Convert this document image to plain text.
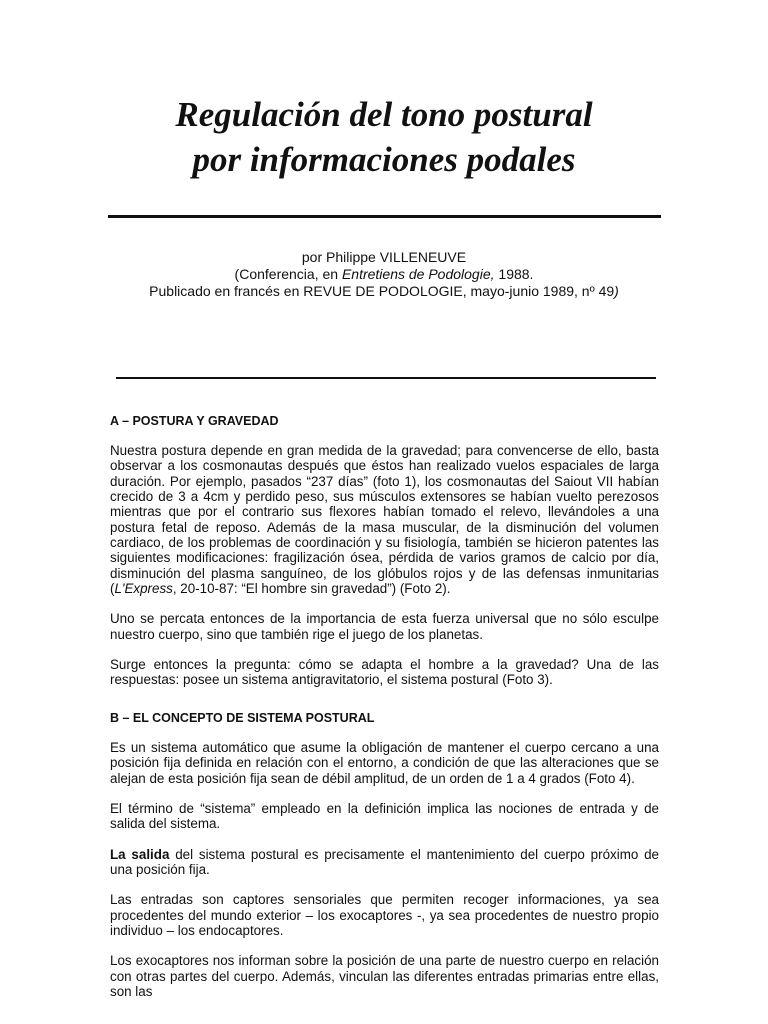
Regulación del tono postural
por informaciones podales
por Philippe VILLENEUVE
(Conferencia, en Entretiens de Podologie, 1988.
Publicado en francés en REVUE DE PODOLOGIE, mayo-junio 1989, nº 49)
A – POSTURA Y GRAVEDAD

Nuestra postura depende en gran medida de la gravedad; para convencerse de ello, basta observar a los cosmonautas después que éstos han realizado vuelos espaciales de larga duración. Por ejemplo, pasados “237 días” (foto 1), los cosmonautas del Saiout VII habían crecido de 3 a 4cm y perdido peso, sus músculos extensores se habían vuelto perezosos mientras que por el contrario sus flexores habían tomado el relevo, llevándoles a una postura fetal de reposo. Además de la masa muscular, de la disminución del volumen cardiaco, de los problemas de coordinación y su fisiología, también se hicieron patentes las siguientes modificaciones: fragilización ósea, pérdida de varios gramos de calcio por día, disminución del plasma sanguíneo, de los glóbulos rojos y de las defensas inmunitarias (L'Express, 20-10-87: “El hombre sin gravedad”) (Foto 2).

Uno se percata entonces de la importancia de esta fuerza universal que no sólo esculpe nuestro cuerpo, sino que también rige el juego de los planetas.

Surge entonces la pregunta: cómo se adapta el hombre a la gravedad? Una de las respuestas: posee un sistema antigravitatorio, el sistema postural (Foto 3).

B – EL CONCEPTO DE SISTEMA POSTURAL

Es un sistema automático que asume la obligación de mantener el cuerpo cercano a una posición fija definida en relación con el entorno, a condición de que las alteraciones que se alejan de esta posición fija sean de débil amplitud, de un orden de 1 a 4 grados (Foto 4).

El término de “sistema” empleado en la definición implica las nociones de entrada y de salida del sistema.

La salida del sistema postural es precisamente el mantenimiento del cuerpo próximo de una posición fija.

Las entradas son captores sensoriales que permiten recoger informaciones, ya sea procedentes del mundo exterior – los exocaptores -, ya sea procedentes de nuestro propio individuo – los endocaptores.

Los exocaptores nos informan sobre la posición de una parte de nuestro cuerpo en relación con otras partes del cuerpo. Además, vinculan las diferentes entradas primarias entre ellas, son las
